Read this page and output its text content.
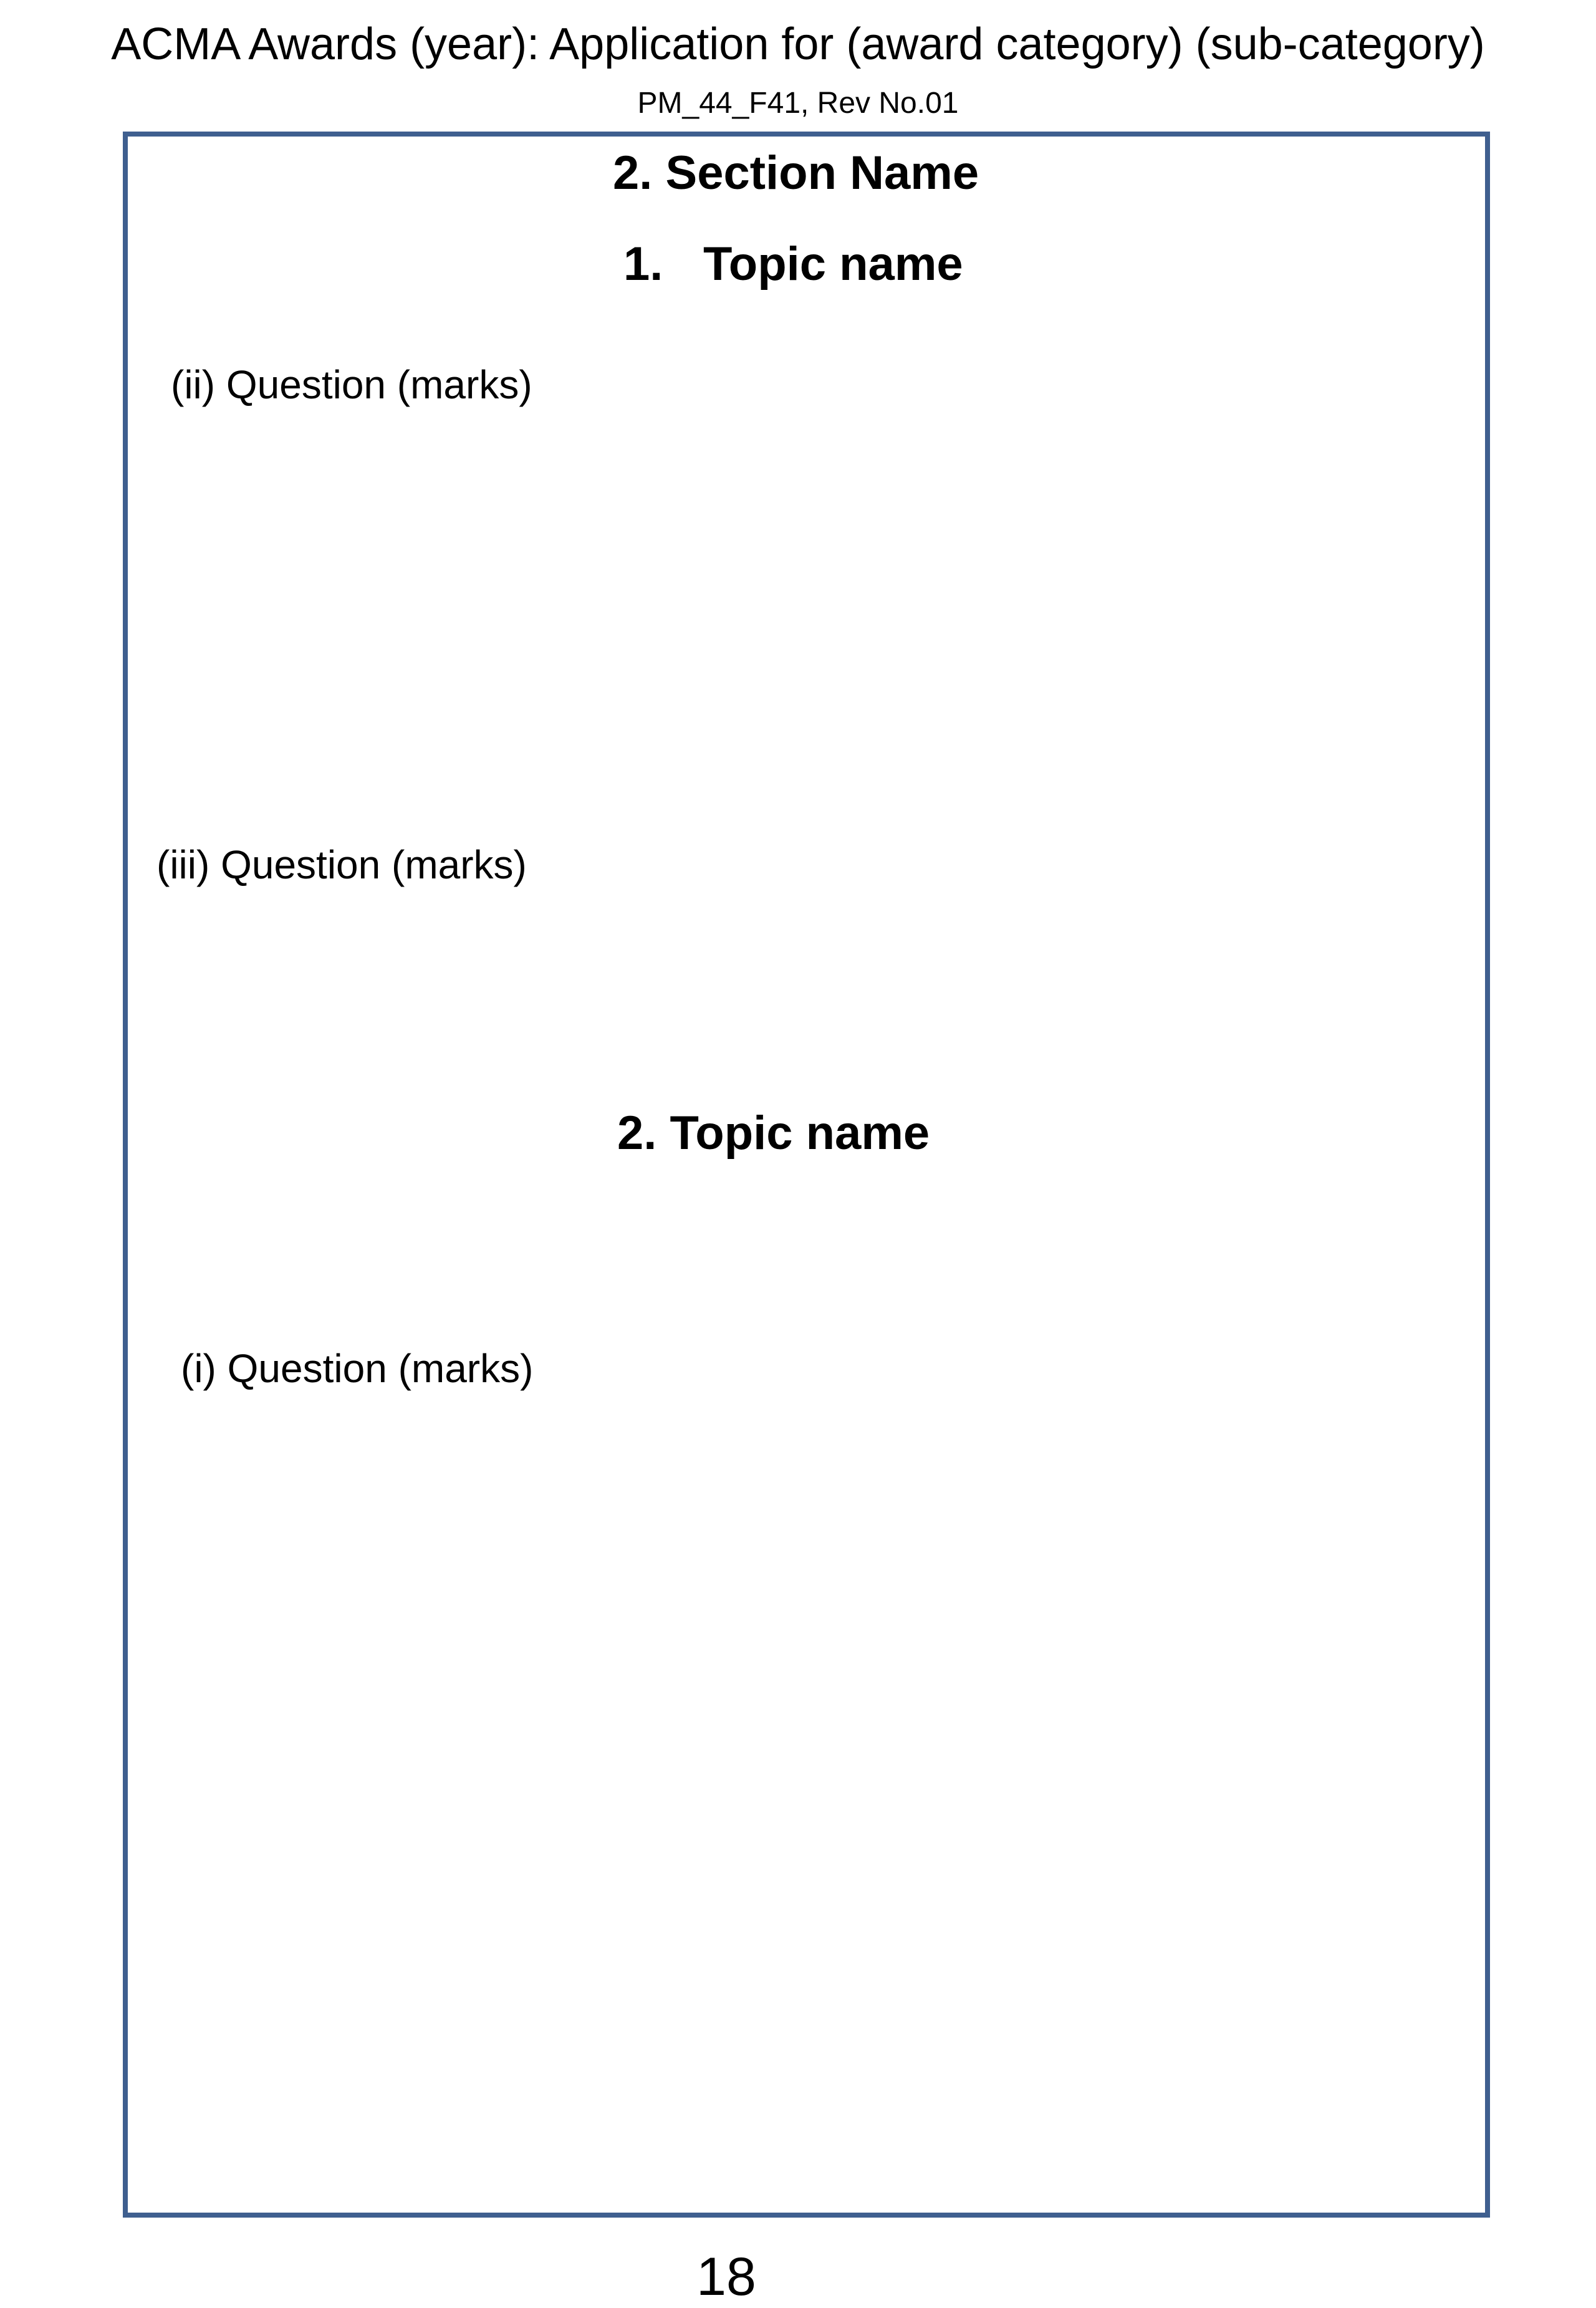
ACMA Awards (year): Application for (award category) (sub-category)
PM_44_F41, Rev No.01
2. Section Name
1. Topic name
(ii) Question (marks)
(iii) Question (marks)
2. Topic name
(i) Question (marks)
18
